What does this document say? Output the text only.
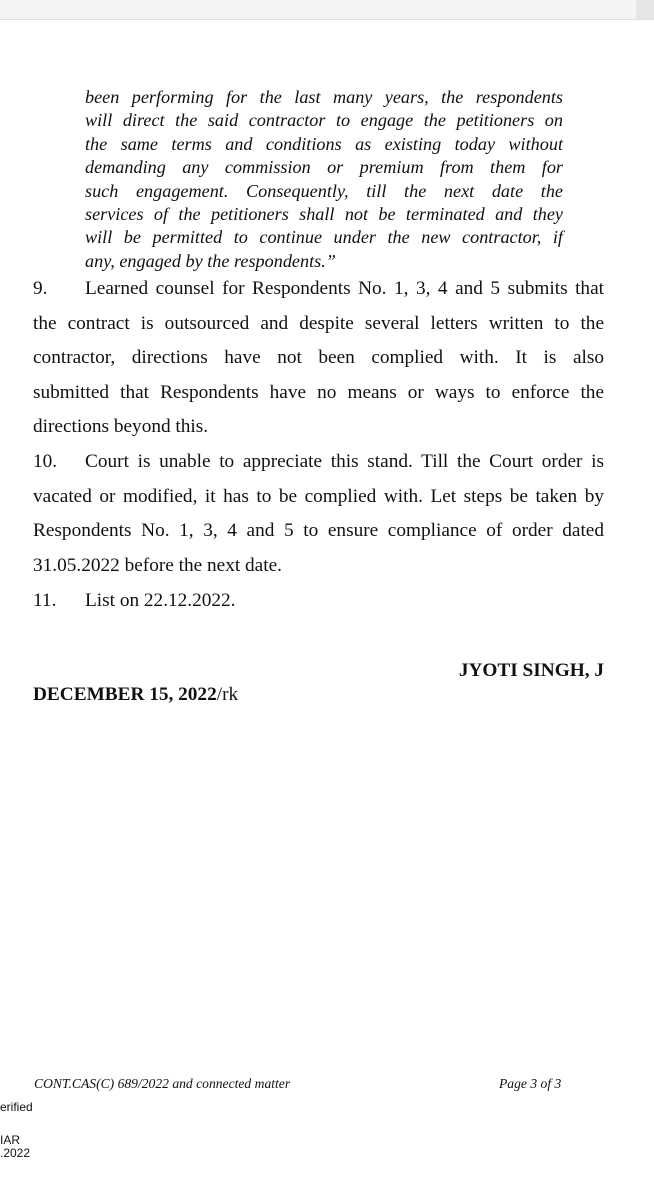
been performing for the last many years, the respondents
will direct the said contractor to engage the petitioners on
the same terms and conditions as existing today without
demanding any commission or premium from them for
such engagement. Consequently, till the next date the
services of the petitioners shall not be terminated and they
will be permitted to continue under the new contractor, if
any, engaged by the respondents.”
9. Learned counsel for Respondents No. 1, 3, 4 and 5 submits that
the contract is outsourced and despite several letters written to the
contractor, directions have not been complied with. It is also
submitted that Respondents have no means or ways to enforce the
directions beyond this.
10. Court is unable to appreciate this stand. Till the Court order is
vacated or modified, it has to be complied with. Let steps be taken by
Respondents No. 1, 3, 4 and 5 to ensure compliance of order dated
31.05.2022 before the next date.
11. List on 22.12.2022.
JYOTI SINGH, J
DECEMBER 15, 2022/rk
CONT.CAS(C) 689/2022 and connected matter	Page 3 of 3
erified
IAR
.2022
